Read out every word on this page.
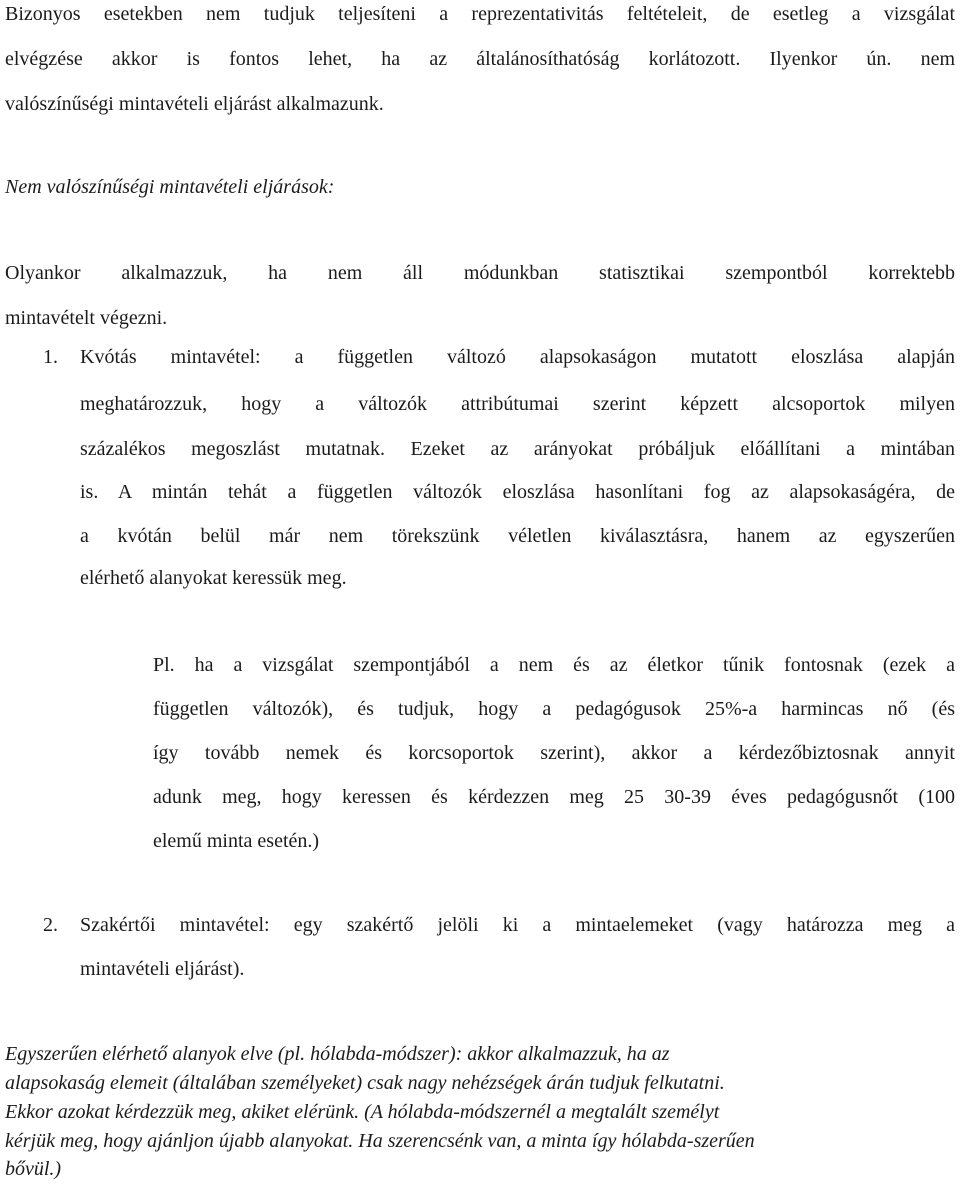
Bizonyos esetekben nem tudjuk teljesíteni a reprezentativitás feltételeit, de esetleg a vizsgálat
elvégzése akkor is fontos lehet, ha az általánosíthatóság korlátozott. Ilyenkor ún. nem
valószínűségi mintavételi eljárást alkalmazunk.
Nem valószínűségi mintavételi eljárások:
Olyankor alkalmazzuk, ha nem áll módunkban statisztikai szempontból korrektebb
mintavételt végezni.
1. Kvótás mintavétel: a független változó alapsokaságon mutatott eloszlása alapján
meghatározzuk, hogy a változók attribútumai szerint képzett alcsoportok milyen
százalékos megoszlást mutatnak. Ezeket az arányokat próbáljuk előállítani a mintában
is. A mintán tehát a független változók eloszlása hasonlítani fog az alapsokaságéra, de
a kvótán belül már nem törekszünk véletlen kiválasztásra, hanem az egyszerűen
elérhető alanyokat keressük meg.
Pl. ha a vizsgálat szempontjából a nem és az életkor tűnik fontosnak (ezek a
független változók), és tudjuk, hogy a pedagógusok 25%-a harmincas nő (és
így tovább nemek és korcsoportok szerint), akkor a kérdezőbiztosnak annyit
adunk meg, hogy keressen és kérdezzen meg 25 30-39 éves pedagógusnőt (100
elemű minta esetén.)
2. Szakértői mintavétel: egy szakértő jelöli ki a mintaelemeket (vagy határozza meg a
mintavételi eljárást).
Egyszerűen elérhető alanyok elve (pl. hólabda-módszer): akkor alkalmazzuk, ha az
alapsokaság elemeit (általában személyeket) csak nagy nehézségek árán tudjuk felkutatni.
Ekkor azokat kérdezzük meg, akiket elérünk. (A hólabda-módszernél a megtalált személyt
kérjük meg, hogy ajánljon újabb alanyokat. Ha szerencsénk van, a minta így hólabda-szerűen
bővül.)
